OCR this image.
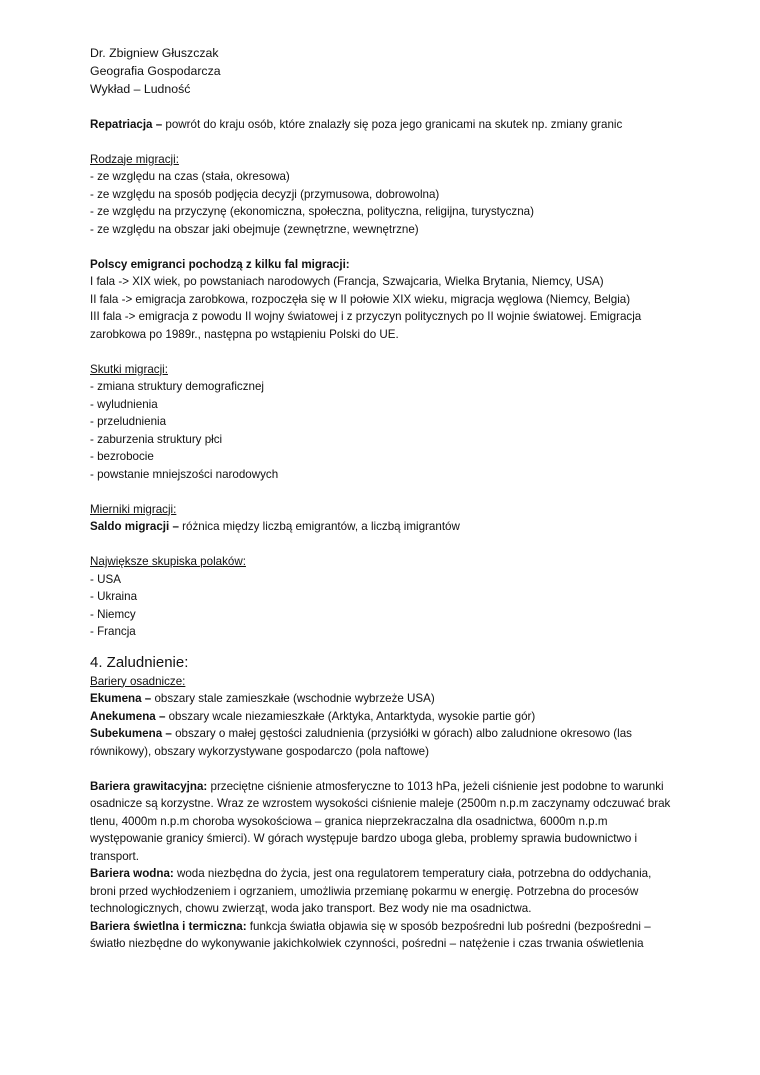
Dr. Zbigniew Głuszczak
Geografia Gospodarcza
Wykład – Ludność
Repatriacja – powrót do kraju osób, które znalazły się poza jego granicami na skutek np. zmiany granic
Rodzaje migracji:
- ze względu na czas (stała, okresowa)
- ze względu na sposób podjęcia decyzji (przymusowa, dobrowolna)
- ze względu na przyczynę (ekonomiczna, społeczna, polityczna, religijna, turystyczna)
- ze względu na obszar jaki obejmuje (zewnętrzne, wewnętrzne)
Polscy emigranci pochodzą z kilku fal migracji:
I fala -> XIX wiek, po powstaniach narodowych (Francja, Szwajcaria, Wielka Brytania, Niemcy, USA)
II fala -> emigracja zarobkowa, rozpoczęła się w II połowie XIX wieku, migracja węglowa (Niemcy, Belgia)
III fala -> emigracja z powodu II wojny światowej i z przyczyn politycznych po II wojnie światowej. Emigracja
zarobkowa po 1989r., następna po wstąpieniu Polski do UE.
Skutki migracji:
- zmiana struktury demograficznej
- wyludnienia
- przeludnienia
- zaburzenia struktury płci
- bezrobocie
- powstanie mniejszości narodowych
Mierniki migracji:
Saldo migracji – różnica między liczbą emigrantów, a liczbą imigrantów
Największe skupiska polaków:
- USA
- Ukraina
- Niemcy
- Francja
4. Zaludnienie:
Bariery osadnicze:
Ekumena – obszary stale zamieszkałe (wschodnie wybrzeże USA)
Anekumena – obszary wcale niezamieszkałe (Arktyka, Antarktyda, wysokie partie gór)
Subekumena – obszary o małej gęstości zaludnienia (przysiółki w górach) albo zaludnione okresowo (las
równikowy), obszary wykorzystywane gospodarczo (pola naftowe)
Bariera grawitacyjna: przeciętne ciśnienie atmosferyczne to 1013 hPa, jeżeli ciśnienie jest podobne to warunki
osadnicze są korzystne. Wraz ze wzrostem wysokości ciśnienie maleje (2500m n.p.m zaczynamy odczuwać brak
tlenu, 4000m n.p.m choroba wysokościowa – granica nieprzekraczalna dla osadnictwa, 6000m n.p.m
występowanie granicy śmierci). W górach występuje bardzo uboga gleba, problemy sprawia budownictwo i
transport.
Bariera wodna: woda niezbędna do życia, jest ona regulatorem temperatury ciała, potrzebna do oddychania,
broni przed wychłodzeniem i ogrzaniem, umożliwia przemianę pokarmu w energię. Potrzebna do procesów
technologicznych, chowu zwierząt, woda jako transport. Bez wody nie ma osadnictwa.
Bariera świetlna i termiczna: funkcja światła objawia się w sposób bezpośredni lub pośredni (bezpośredni –
światło niezbędne do wykonywanie jakichkolwiek czynności, pośredni – natężenie i czas trwania oświetlenia
